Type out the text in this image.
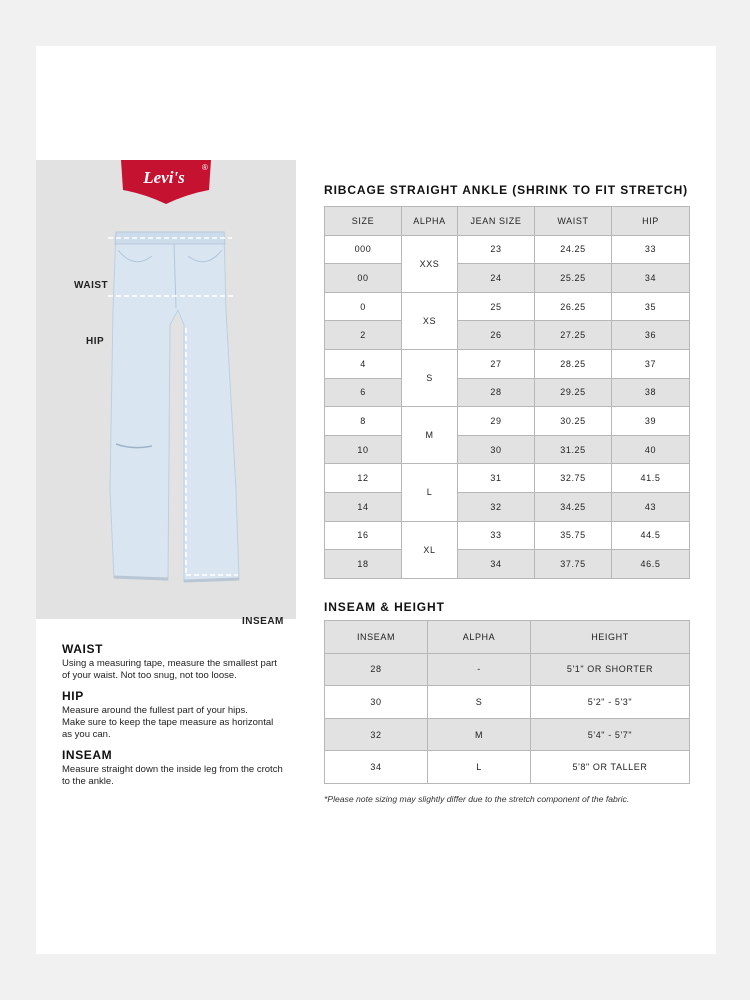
Levi's
®
WAIST
HIP
INSEAM
WAIST
Using a measuring tape, measure the smallest part
of your waist. Not too snug, not too loose.
HIP
Measure around the fullest part of your hips.
Make sure to keep the tape measure as horizontal
as you can.
INSEAM
Measure straight down the inside leg from the crotch
to the ankle.
RIBCAGE STRAIGHT ANKLE (SHRINK TO FIT STRETCH)
SIZE	ALPHA	JEAN SIZE	WAIST	HIP
000	XXS	23	24.25	33
00		24	25.25	34
0	XS	25	26.25	35
2		26	27.25	36
4	S	27	28.25	37
6		28	29.25	38
8	M	29	30.25	39
10		30	31.25	40
12	L	31	32.75	41.5
14		32	34.25	43
16	XL	33	35.75	44.5
18		34	37.75	46.5
INSEAM & HEIGHT
INSEAM	ALPHA	HEIGHT
28	-	5'1" OR SHORTER
30	S	5'2" - 5'3"
32	M	5'4" - 5'7"
34	L	5'8" OR TALLER
*Please note sizing may slightly differ due to the stretch component of the fabric.
